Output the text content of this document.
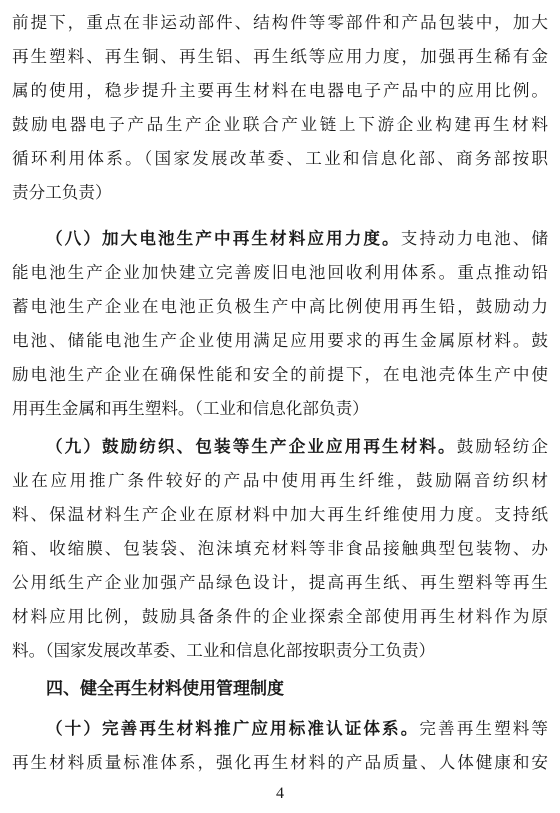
前提下，重点在非运动部件、结构件等零部件和产品包装中，加大
再生塑料、再生铜、再生铝、再生纸等应用力度，加强再生稀有金
属的使用，稳步提升主要再生材料在电器电子产品中的应用比例。
鼓励电器电子产品生产企业联合产业链上下游企业构建再生材料
循环利用体系。（国家发展改革委、工业和信息化部、商务部按职
责分工负责）
（八）加大电池生产中再生材料应用力度。支持动力电池、储
能电池生产企业加快建立完善废旧电池回收利用体系。重点推动铅
蓄电池生产企业在电池正负极生产中高比例使用再生铅，鼓励动力
电池、储能电池生产企业使用满足应用要求的再生金属原材料。鼓
励电池生产企业在确保性能和安全的前提下，在电池壳体生产中使
用再生金属和再生塑料。（工业和信息化部负责）
（九）鼓励纺织、包装等生产企业应用再生材料。鼓励轻纺企
业在应用推广条件较好的产品中使用再生纤维，鼓励隔音纺织材
料、保温材料生产企业在原材料中加大再生纤维使用力度。支持纸
箱、收缩膜、包装袋、泡沫填充材料等非食品接触典型包装物、办
公用纸生产企业加强产品绿色设计，提高再生纸、再生塑料等再生
材料应用比例，鼓励具备条件的企业探索全部使用再生材料作为原
料。（国家发展改革委、工业和信息化部按职责分工负责）
四、健全再生材料使用管理制度
（十）完善再生材料推广应用标准认证体系。完善再生塑料等
再生材料质量标准体系，强化再生材料的产品质量、人体健康和安
4
